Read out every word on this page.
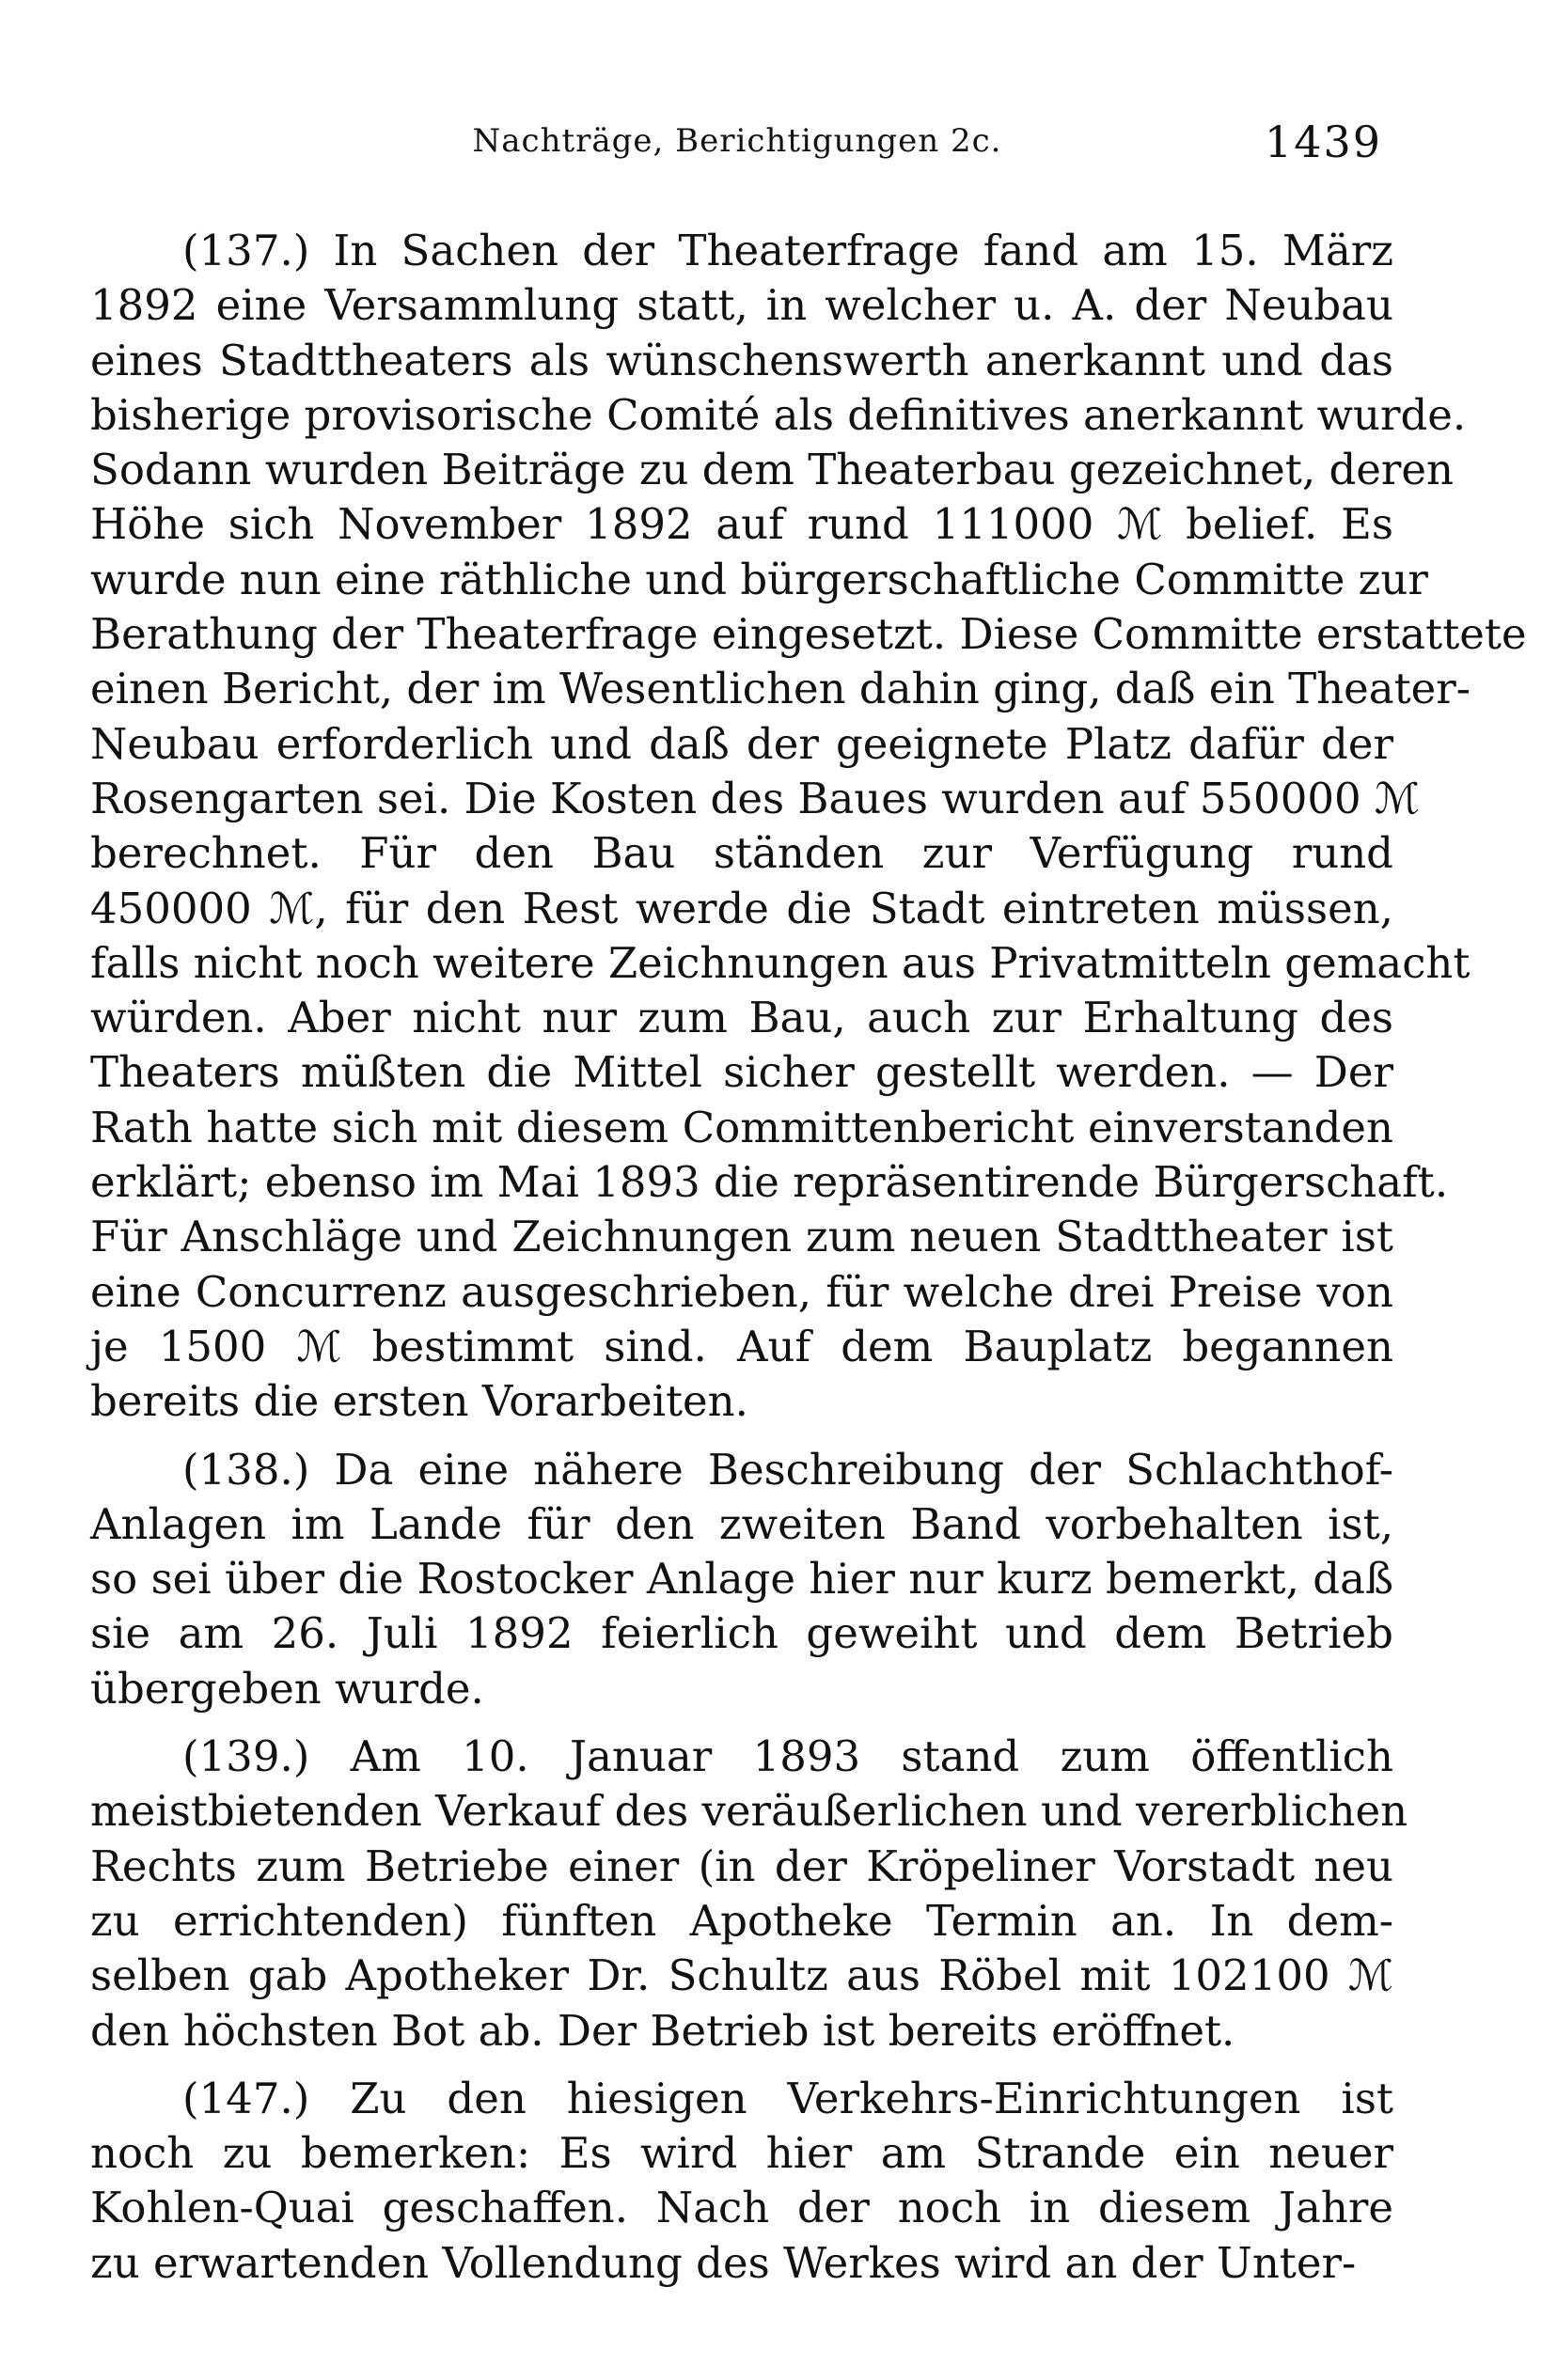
Nachträge, Berichtigungen 2c.	1439

(137.) In Sachen der Theaterfrage fand am 15. März
1892 eine Versammlung statt, in welcher u. A. der Neubau
eines Stadttheaters als wünschenswerth anerkannt und das
bisherige provisorische Comité als definitives anerkannt wurde.
Sodann wurden Beiträge zu dem Theaterbau gezeichnet, deren
Höhe sich November 1892 auf rund 111000 ℳ belief. Es
wurde nun eine räthliche und bürgerschaftliche Committe zur
Berathung der Theaterfrage eingesetzt. Diese Committe erstattete
einen Bericht, der im Wesentlichen dahin ging, daß ein Theater-
Neubau erforderlich und daß der geeignete Platz dafür der
Rosengarten sei. Die Kosten des Baues wurden auf 550000 ℳ
berechnet. Für den Bau ständen zur Verfügung rund
450000 ℳ, für den Rest werde die Stadt eintreten müssen,
falls nicht noch weitere Zeichnungen aus Privatmitteln gemacht
würden. Aber nicht nur zum Bau, auch zur Erhaltung des
Theaters müßten die Mittel sicher gestellt werden. — Der
Rath hatte sich mit diesem Committenbericht einverstanden
erklärt; ebenso im Mai 1893 die repräsentirende Bürgerschaft.
Für Anschläge und Zeichnungen zum neuen Stadttheater ist
eine Concurrenz ausgeschrieben, für welche drei Preise von
je 1500 ℳ bestimmt sind. Auf dem Bauplatz begannen
bereits die ersten Vorarbeiten.

(138.) Da eine nähere Beschreibung der Schlachthof-
Anlagen im Lande für den zweiten Band vorbehalten ist,
so sei über die Rostocker Anlage hier nur kurz bemerkt, daß
sie am 26. Juli 1892 feierlich geweiht und dem Betrieb
übergeben wurde.

(139.) Am 10. Januar 1893 stand zum öffentlich
meistbietenden Verkauf des veräußerlichen und vererblichen
Rechts zum Betriebe einer (in der Kröpeliner Vorstadt neu
zu errichtenden) fünften Apotheke Termin an. In dem-
selben gab Apotheker Dr. Schultz aus Röbel mit 102100 ℳ
den höchsten Bot ab. Der Betrieb ist bereits eröffnet.

(147.) Zu den hiesigen Verkehrs-Einrichtungen ist
noch zu bemerken: Es wird hier am Strande ein neuer
Kohlen-Quai geschaffen. Nach der noch in diesem Jahre
zu erwartenden Vollendung des Werkes wird an der Unter-
